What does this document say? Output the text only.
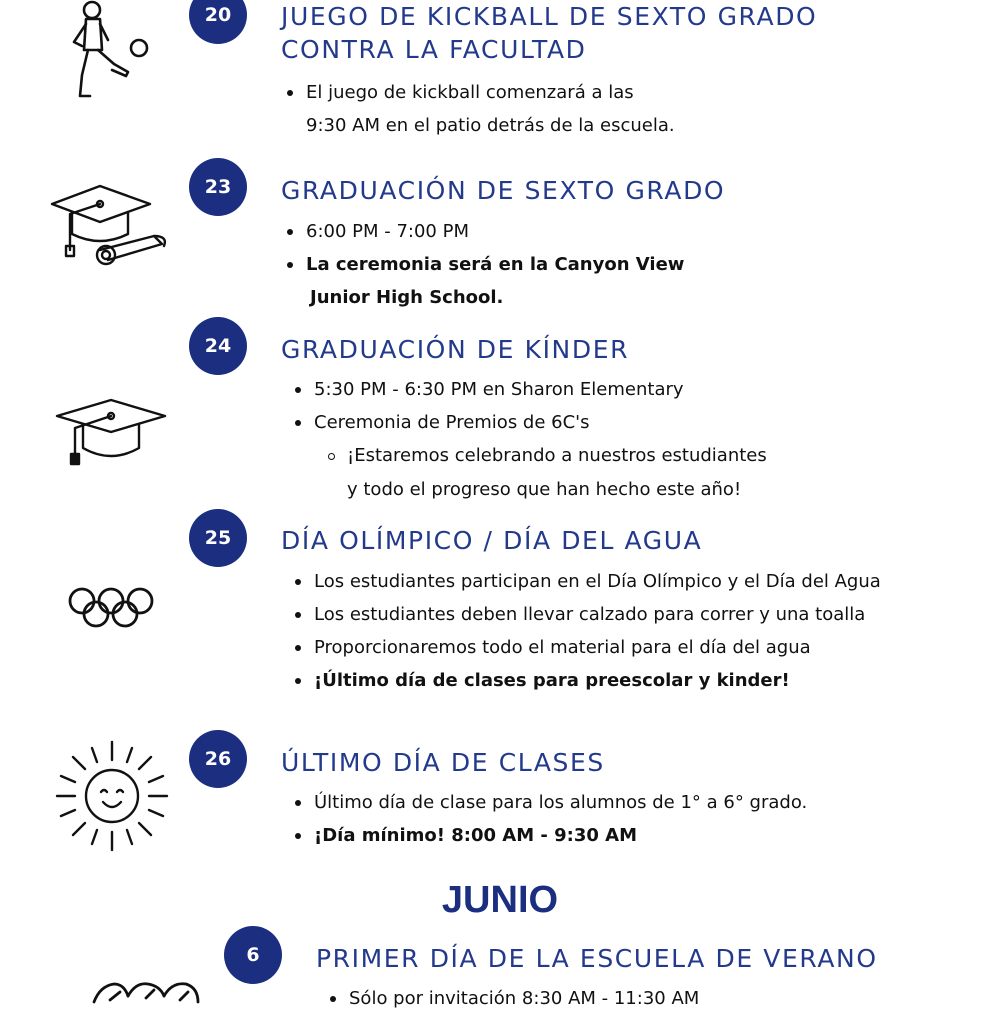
20	JUEGO DE KICKBALL DE SEXTO GRADO
CONTRA LA FACULTAD
El juego de kickball comenzará a las
9:30 AM en el patio detrás de la escuela.
23	GRADUACIÓN DE SEXTO GRADO
6:00 PM - 7:00 PM
La ceremonia será en la Canyon View
Junior High School.
24	GRADUACIÓN DE KÍNDER
5:30 PM - 6:30 PM en Sharon Elementary
Ceremonia de Premios de 6C's
¡Estaremos celebrando a nuestros estudiantes
y todo el progreso que han hecho este año!
25	DÍA OLÍMPICO / DÍA DEL AGUA
Los estudiantes participan en el Día Olímpico y el Día del Agua
Los estudiantes deben llevar calzado para correr y una toalla
Proporcionaremos todo el material para el día del agua
¡Último día de clases para preescolar y kinder!
26	ÚLTIMO DÍA DE CLASES
Último día de clase para los alumnos de 1° a 6° grado.
¡Día mínimo! 8:00 AM - 9:30 AM
JUNIO
6	PRIMER DÍA DE LA ESCUELA DE VERANO
Sólo por invitación 8:30 AM - 11:30 AM
